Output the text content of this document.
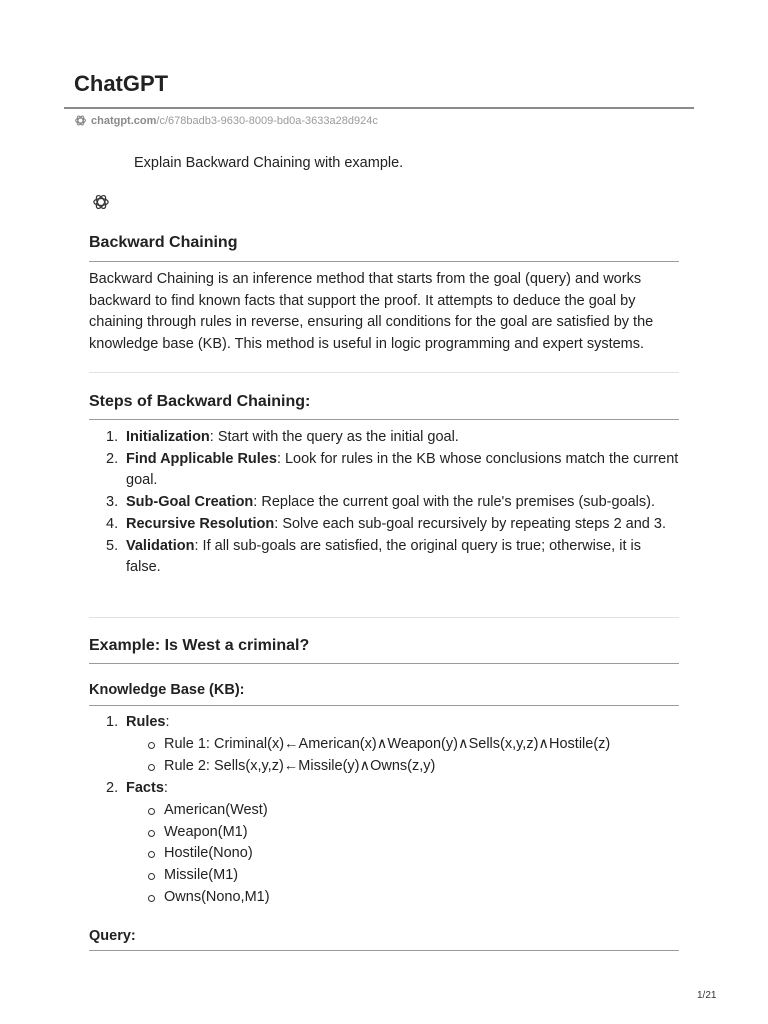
ChatGPT
chatgpt.com /c/678badb3-9630-8009-bd0a-3633a28d924c
Explain Backward Chaining with example.
Backward Chaining

Backward Chaining is an inference method that starts from the goal (query) and works backward to find known facts that support the proof. It attempts to deduce the goal by chaining through rules in reverse, ensuring all conditions for the goal are satisfied by the knowledge base (KB). This method is useful in logic programming and expert systems.

Steps of Backward Chaining:
1. Initialization: Start with the query as the initial goal.
2. Find Applicable Rules: Look for rules in the KB whose conclusions match the current goal.
3. Sub-Goal Creation: Replace the current goal with the rule's premises (sub-goals).
4. Recursive Resolution: Solve each sub-goal recursively by repeating steps 2 and 3.
5. Validation: If all sub-goals are satisfied, the original query is true; otherwise, it is false.
Example: Is West a criminal?
Knowledge Base (KB):
1. Rules:
Rule 1: Criminal(x)←American(x)∧Weapon(y)∧Sells(x,y,z)∧Hostile(z)
Rule 2: Sells(x,y,z)←Missile(y)∧Owns(z,y)
2. Facts:
American(West)
Weapon(M1)
Hostile(Nono)
Missile(M1)
Owns(Nono,M1)
Query:
1/21
